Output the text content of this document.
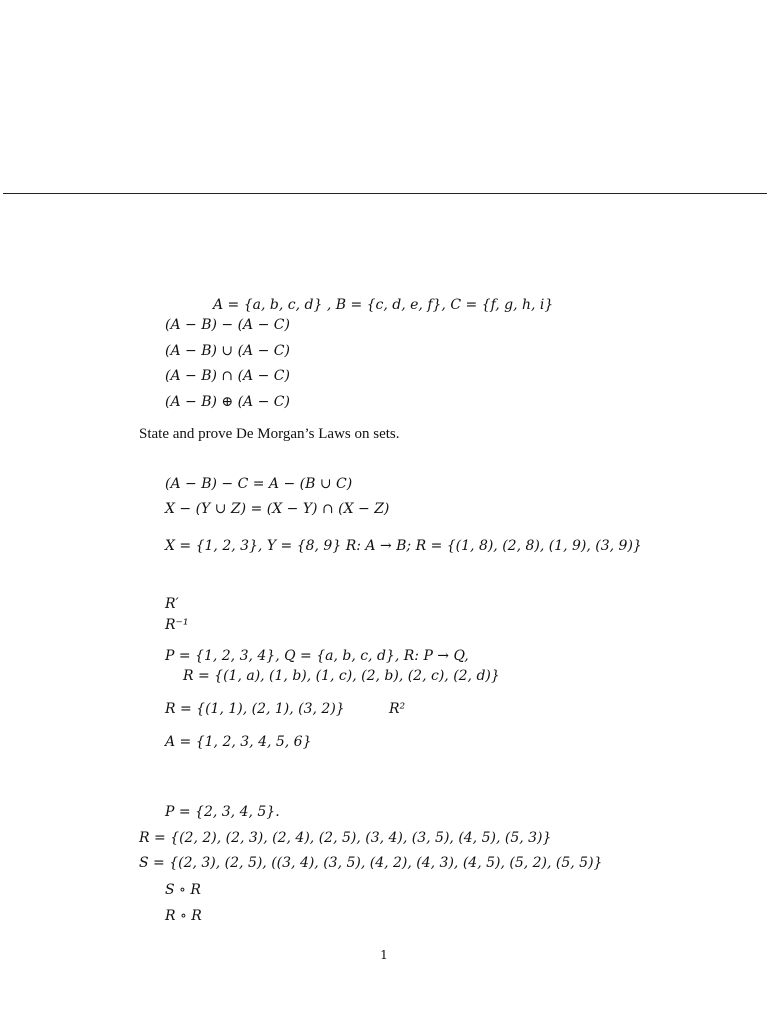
A = {a, b, c, d} , B = {c, d, e, f}, C = {f, g, h, i}
(A − B) − (A − C)
(A − B) ∪ (A − C)
(A − B) ∩ (A − C)
(A − B) ⊕ (A − C)
State and prove De Morgan’s Laws on sets.
(A − B) − C = A − (B ∪ C)
X − (Y ∪ Z) = (X − Y) ∩ (X − Z)
X = {1, 2, 3}, Y = {8, 9} R: A → B; R = {(1, 8), (2, 8), (1, 9), (3, 9)}
R′
R⁻¹
P = {1, 2, 3, 4}, Q = {a, b, c, d}, R: P → Q,
R = {(1, a), (1, b), (1, c), (2, b), (2, c), (2, d)}
R = {(1, 1), (2, 1), (3, 2)}	R²
A = {1, 2, 3, 4, 5, 6}
P = {2, 3, 4, 5}.
R = {(2, 2), (2, 3), (2, 4), (2, 5), (3, 4), (3, 5), (4, 5), (5, 3)}
S = {(2, 3), (2, 5), ((3, 4), (3, 5), (4, 2), (4, 3), (4, 5), (5, 2), (5, 5)}
S ∘ R
R ∘ R
1
